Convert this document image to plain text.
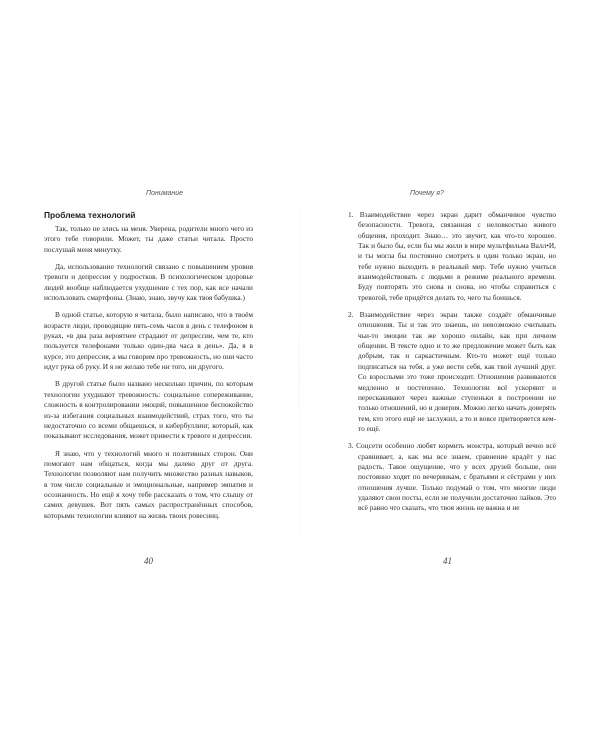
Понимание
Проблема технологий

Так, только не злись на меня. Уверена, родители много чего из этого тебе говорили. Может, ты даже статьи читала. Просто послушай меня минутку.

Да, использование технологий связано с повышением уровня тревоги и депрессии у подростков. В психологическом здоровье людей вообще наблюдается ухудшение с тех пор, как все начали использовать смартфоны. (Знаю, знаю, звучу как твоя бабушка.)

В одной статье, которую я читала, было написано, что в твоём возрасте люди, проводящие пять-семь часов в день с телефоном в руках, «в два раза вероятнее страдают от депрессии, чем те, кто пользуется телефонами только один-два часа в день». Да, я в курсе, это депрессия, а мы говорим про тревожность, но они часто идут рука об руку. И я не желаю тебе ни того, ни другого.

В другой статье было названо несколько причин, по которым технологии ухудшают тревожность: социальное сопереживание, сложность в контролировании эмоций, повышенное беспокойство из-за избегания социальных взаимодействий, страх того, что ты недостаточно со всеми общаешься, и кибербуллинг, который, как показывают исследования, может привести к тревоге и депрессии.

Я знаю, что у технологий много и позитивных сторон. Они помогают нам общаться, когда мы далеко друг от друга. Технологии позволяют нам получить множество разных навыков, в том числе социальные и эмоциональные, например эмпатия и осознанность. Но ещё я хочу тебе рассказать о том, что слышу от самих девушек. Вот пять самых распространённых способов, которыми технологии влияют на жизнь твоих ровесниц.

40
Почему я?

1. Взаимодействие через экран дарит обманчивое чувство безопасности. Тревога, связанная с неловкостью живого общения, проходит. Знаю… это звучит, как что-то хорошее. Так и было бы, если бы мы жили в мире мультфильма Валл•И, и ты могла бы постоянно смотреть в один только экран, но тебе нужно выходить в реальный мир. Тебе нужно учиться взаимодействовать с людьми в режиме реального времени. Буду повторять это снова и снова, но чтобы справиться с тревогой, тебе придётся делать то, чего ты боишься.

2. Взаимодействие через экран также создаёт обманчивые отношения. Ты и так это знаешь, но невозможно считывать чьи-то эмоции так же хорошо онлайн, как при личном общении. В тексте одно и то же предложение может быть как добрым, так и саркастичным. Кто-то может ещё только подписаться на тебя, а уже вести себя, как твой лучший друг. Со взрослыми это тоже происходит. Отношения развиваются медленно и постепенно. Технологии всё ускоряют и перескакивают через важные ступеньки в построении не только отношений, но и доверия. Можно легко начать доверять тем, кто этого ещё не заслужил, а то и вовсе притворяется кем-то ещё.

3. Соцсети особенно любят кормить монстра, который вечно всё сравнивает, а, как мы все знаем, сравнение крадёт у нас радость. Такое ощущение, что у всех друзей больше, они постоянно ходят по вечеринкам, с братьями и сёстрами у них отношения лучше. Только подумай о том, что многие люди удаляют свои посты, если не получили достаточно лайков. Это всё равно что сказать, что твоя жизнь не важна и не

41
